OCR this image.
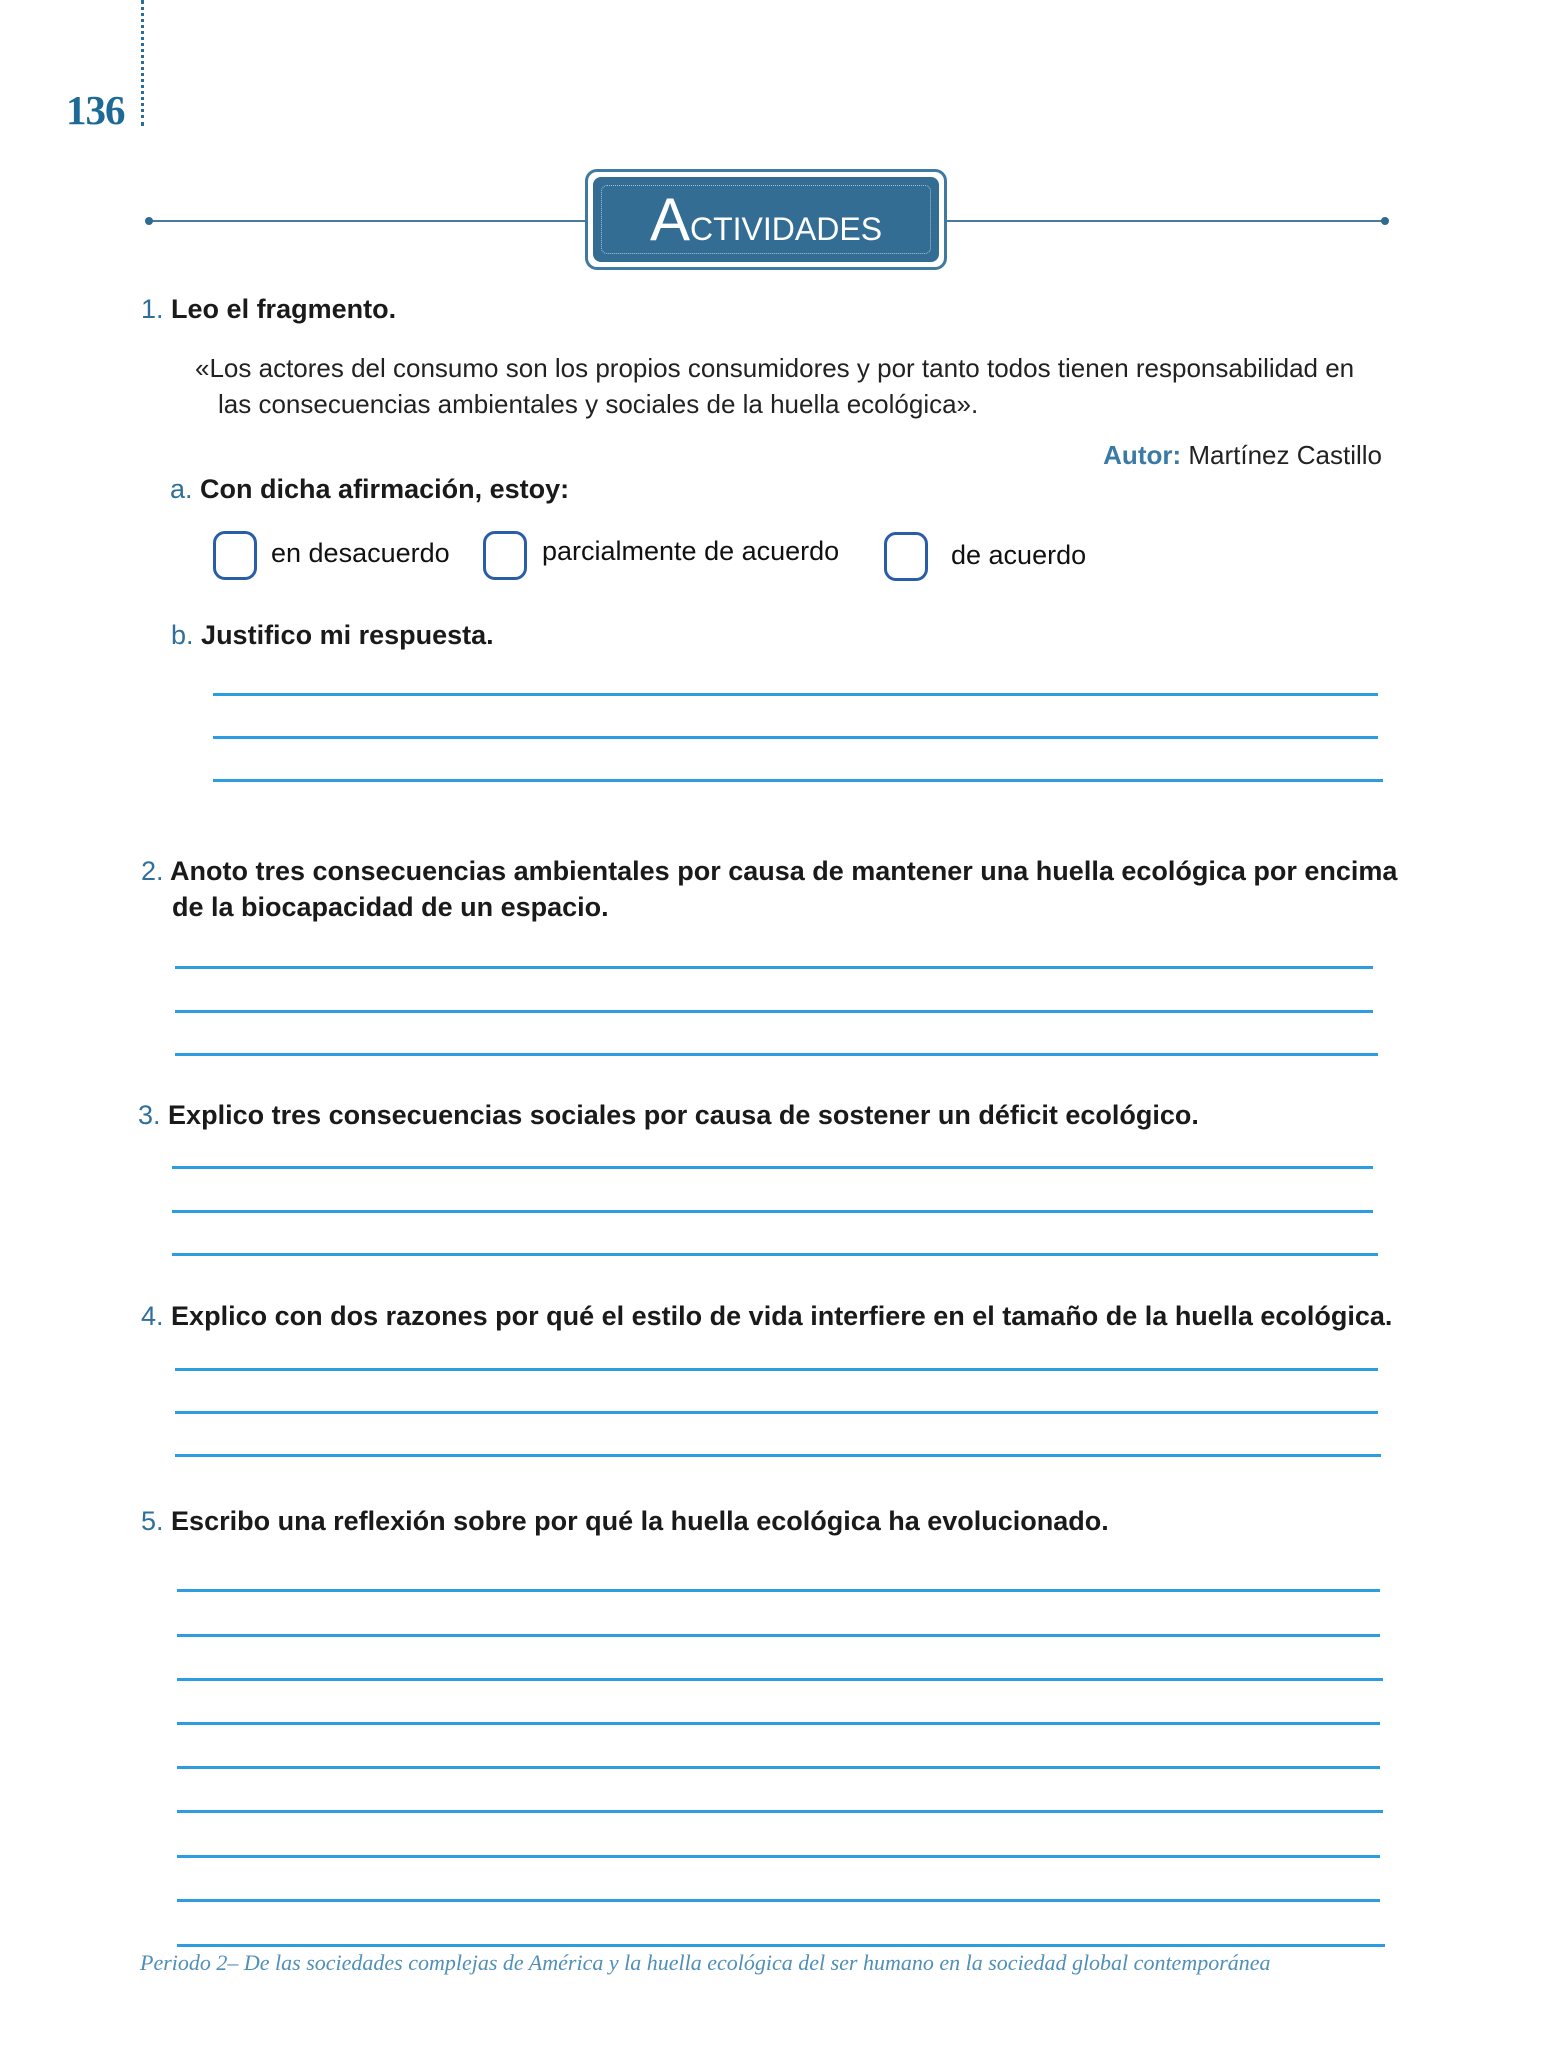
136
Actividades
1. Leo el fragmento.
«Los actores del consumo son los propios consumidores y por tanto todos tienen responsabilidad en
las consecuencias ambientales y sociales de la huella ecológica».
Autor: Martínez Castillo
a. Con dicha afirmación, estoy:
en desacuerdo	parcialmente de acuerdo	de acuerdo
b. Justifico mi respuesta.
2. Anoto tres consecuencias ambientales por causa de mantener una huella ecológica por encima
de la biocapacidad de un espacio.
3. Explico tres consecuencias sociales por causa de sostener un déficit ecológico.
4. Explico con dos razones por qué el estilo de vida interfiere en el tamaño de la huella ecológica.
5. Escribo una reflexión sobre por qué la huella ecológica ha evolucionado.
Periodo 2– De las sociedades complejas de América y la huella ecológica del ser humano en la sociedad global contemporánea
